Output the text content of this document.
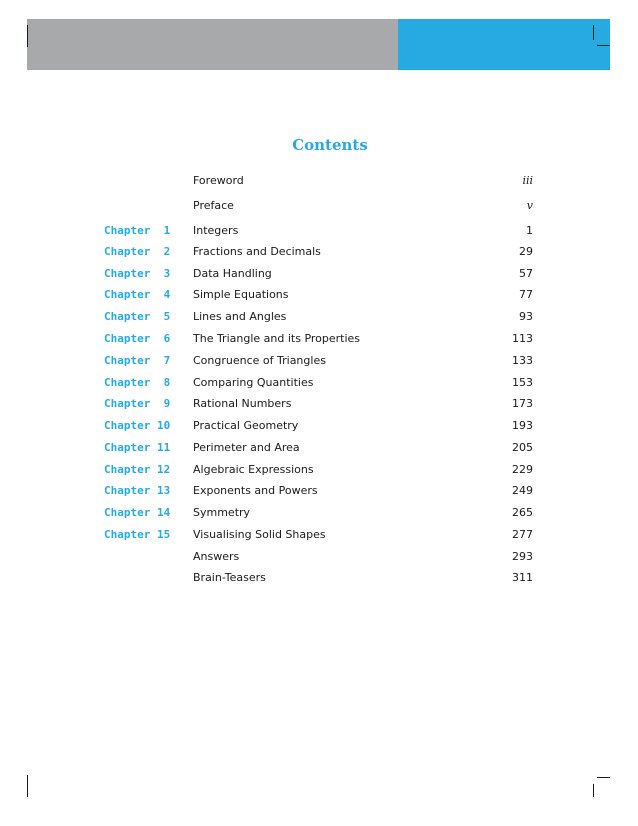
Contents
Foreword	iii
Preface	v
Chapter  1 Integers	1
Chapter  2 Fractions and Decimals	29
Chapter  3 Data Handling	57
Chapter  4 Simple Equations	77
Chapter  5 Lines and Angles	93
Chapter  6 The Triangle and its Properties	113
Chapter  7 Congruence of Triangles	133
Chapter  8 Comparing Quantities	153
Chapter  9 Rational Numbers	173
Chapter 10 Practical Geometry	193
Chapter 11 Perimeter and Area	205
Chapter 12 Algebraic Expressions	229
Chapter 13 Exponents and Powers	249
Chapter 14 Symmetry	265
Chapter 15 Visualising Solid Shapes	277
Answers	293
Brain-Teasers	311
